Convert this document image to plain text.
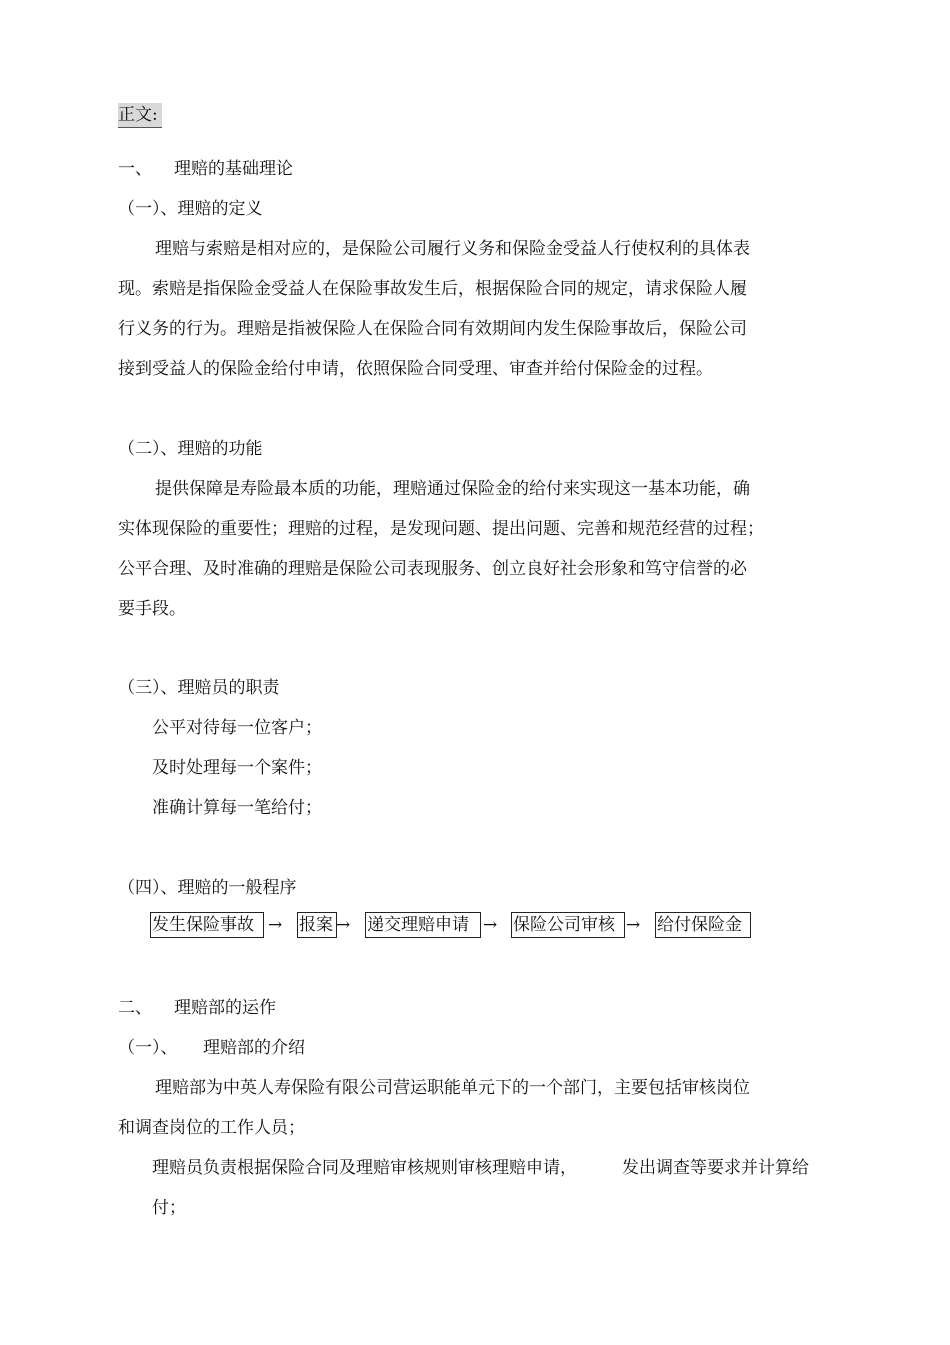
正文:
一、 理赔的基础理论
（一）、理赔的定义
理赔与索赔是相对应的，是保险公司履行义务和保险金受益人行使权利的具体表
现。索赔是指保险金受益人在保险事故发生后，根据保险合同的规定，请求保险人履
行义务的行为。理赔是指被保险人在保险合同有效期间内发生保险事故后，保险公司
接到受益人的保险金给付申请，依照保险合同受理、审查并给付保险金的过程。
（二）、理赔的功能
提供保障是寿险最本质的功能，理赔通过保险金的给付来实现这一基本功能，确
实体现保险的重要性；理赔的过程，是发现问题、提出问题、完善和规范经营的过程；
公平合理、及时准确的理赔是保险公司表现服务、创立良好社会形象和笃守信誉的必
要手段。
（三）、理赔员的职责
公平对待每一位客户；
及时处理每一个案件；
准确计算每一笔给付；
（四）、理赔的一般程序
发生保险事故 → 报案 → 递交理赔申请 → 保险公司审核 → 给付保险金
二、 理赔部的运作
（一）、 理赔部的介绍
理赔部为中英人寿保险有限公司营运职能单元下的一个部门，主要包括审核岗位
和调查岗位的工作人员；
理赔员负责根据保险合同及理赔审核规则审核理赔申请，	发出调查等要求并计算给
付；
